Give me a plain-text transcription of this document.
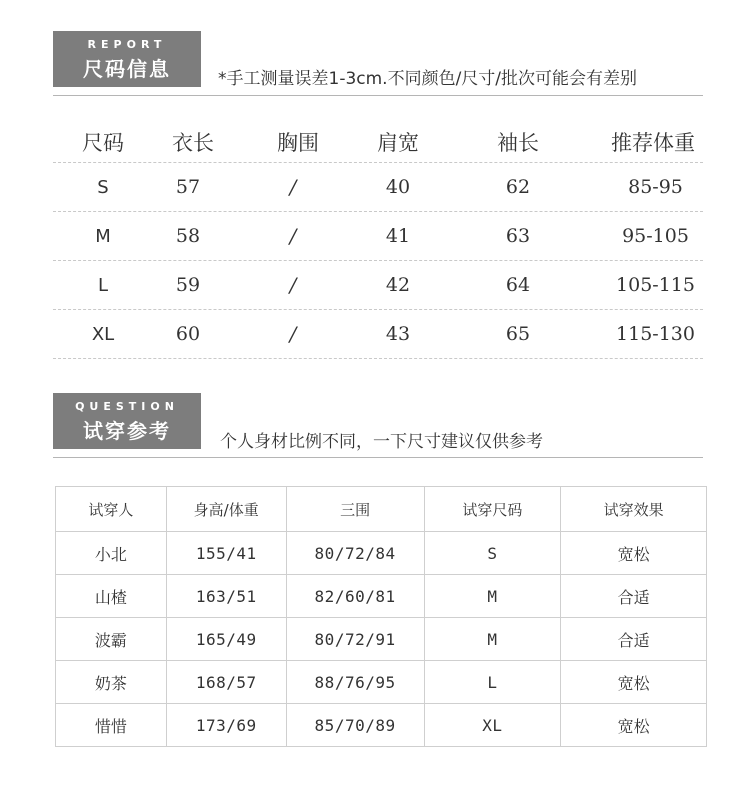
REPORT
尺码信息	*手工测量误差1-3cm.不同颜色/尺寸/批次可能会有差别
尺码	衣长	胸围	肩宽	袖长	推荐体重
S	57	/	40	62	85-95
M	58	/	41	63	95-105
L	59	/	42	64	105-115
XL	60	/	43	65	115-130
QUESTION
试穿参考	个人身材比例不同，一下尺寸建议仅供参考
试穿人	身高/体重	三围	试穿尺码	试穿效果
小北	155/41	80/72/84	S	宽松
山楂	163/51	82/60/81	M	合适
波霸	165/49	80/72/91	M	合适
奶茶	168/57	88/76/95	L	宽松
惜惜	173/69	85/70/89	XL	宽松
